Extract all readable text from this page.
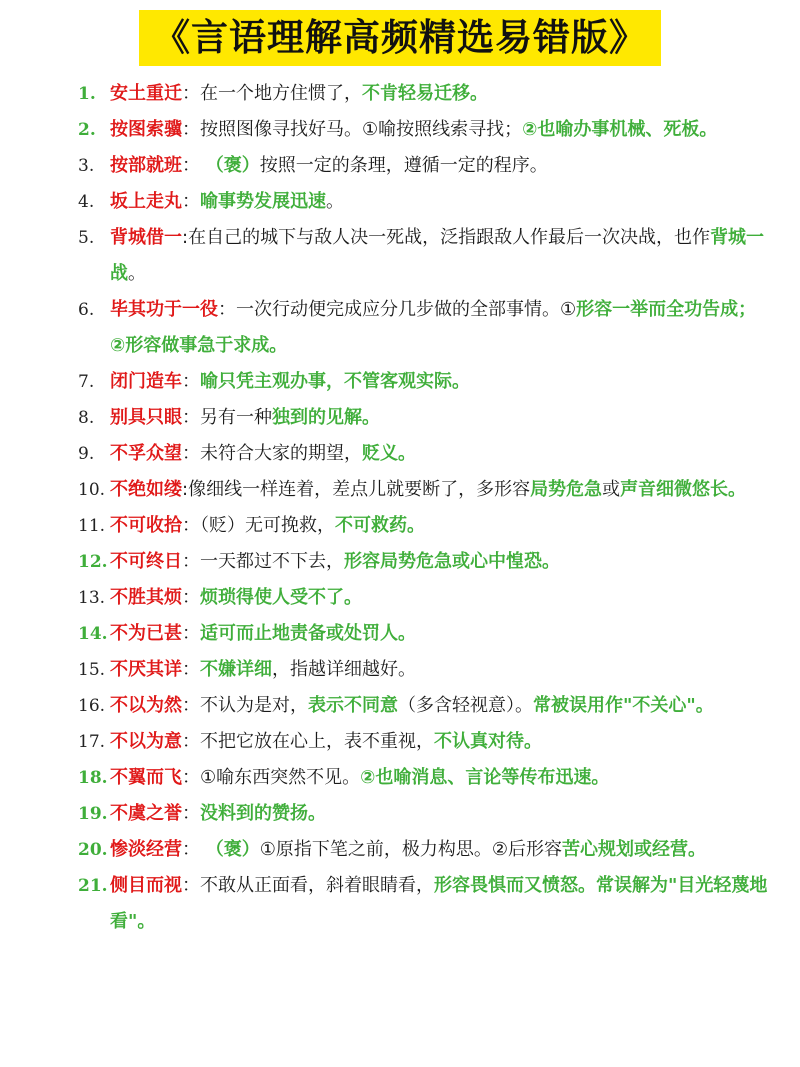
《言语理解高频精选易错版》
1. 安土重迁：在一个地方住惯了，不肯轻易迁移。
2. 按图索骥：按照图像寻找好马。①喻按照线索寻找；②也喻办事机械、死板。
3. 按部就班： （褒）按照一定的条理，遵循一定的程序。
4. 坂上走丸：喻事势发展迅速。
5. 背城借一:在自己的城下与敌人决一死战，泛指跟敌人作最后一次决战，也作背城一战。
6. 毕其功于一役：一次行动便完成应分几步做的全部事情。①形容一举而全功告成；②形容做事急于求成。
7. 闭门造车：喻只凭主观办事，不管客观实际。
8. 别具只眼：另有一种独到的见解。
9. 不孚众望：未符合大家的期望，贬义。
10. 不绝如缕:像细线一样连着，差点儿就要断了，多形容局势危急或声音细微悠长。
11. 不可收拾：（贬）无可挽救，不可救药。
12. 不可终日：一天都过不下去，形容局势危急或心中惶恐。
13. 不胜其烦：烦琐得使人受不了。
14. 不为已甚：适可而止地责备或处罚人。
15. 不厌其详：不嫌详细，指越详细越好。
16. 不以为然：不认为是对，表示不同意（多含轻视意）。常被误用作"不关心"。
17. 不以为意：不把它放在心上，表不重视，不认真对待。
18. 不翼而飞：①喻东西突然不见。②也喻消息、言论等传布迅速。
19. 不虞之誉：没料到的赞扬。
20. 惨淡经营： （褒）①原指下笔之前，极力构思。②后形容苦心规划或经营。
21. 侧目而视：不敢从正面看，斜着眼睛看，形容畏惧而又愤怒。常误解为"目光轻蔑地看"。
